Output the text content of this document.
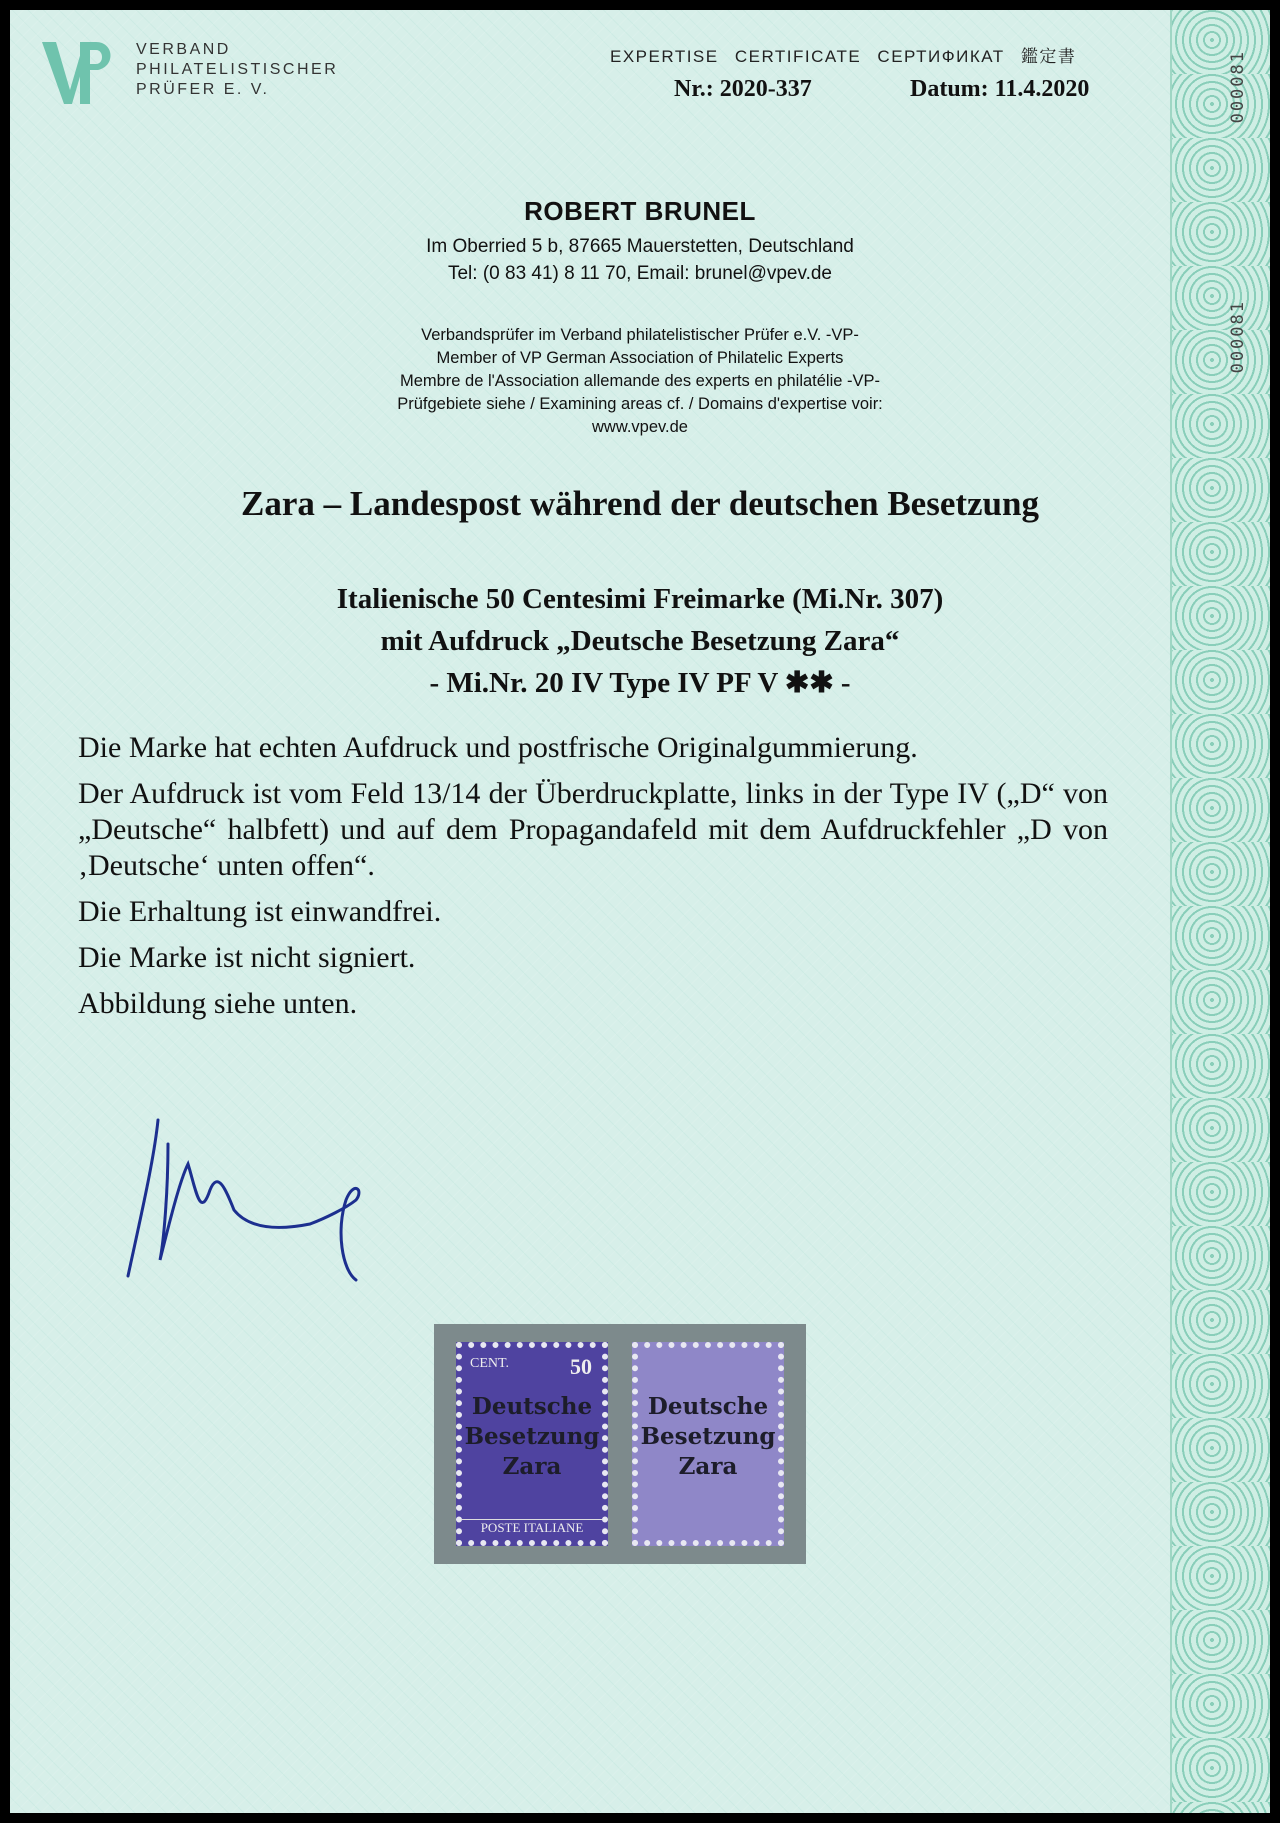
000081
000081
VERBAND
PHILATELISTISCHER
PRÜFER E. V.
EXPERTISE CERTIFICATE СЕРТИФИКАТ 鑑定書
Nr.: 2020-337	Datum: 11.4.2020
ROBERT BRUNEL
Im Oberried 5 b, 87665 Mauerstetten, Deutschland
Tel: (0 83 41) 8 11 70, Email: brunel@vpev.de
Verbandsprüfer im Verband philatelistischer Prüfer e.V. -VP-
Member of VP German Association of Philatelic Experts
Membre de l'Association allemande des experts en philatélie -VP-
Prüfgebiete siehe / Examining areas cf. / Domains d'expertise voir:
www.vpev.de
Zara – Landespost während der deutschen Besetzung
Italienische 50 Centesimi Freimarke (Mi.Nr. 307)
mit Aufdruck „Deutsche Besetzung Zara“
- Mi.Nr. 20 IV Type IV PF V ✱✱ -

Die Marke hat echten Aufdruck und postfrische Originalgummierung.

Der Aufdruck ist vom Feld 13/14 der Überdruckplatte, links in der Type IV („D“ von „Deutsche“ halbfett) und auf dem Propagandafeld mit dem Aufdruckfehler „D von ‚Deutsche‘ unten offen“.

Die Erhaltung ist einwandfrei.

Die Marke ist nicht signiert.

Abbildung siehe unten.

CENT.	50
Deutsche
Besetzung
Zara
POSTE ITALIANE
Deutsche
Besetzung
Zara
